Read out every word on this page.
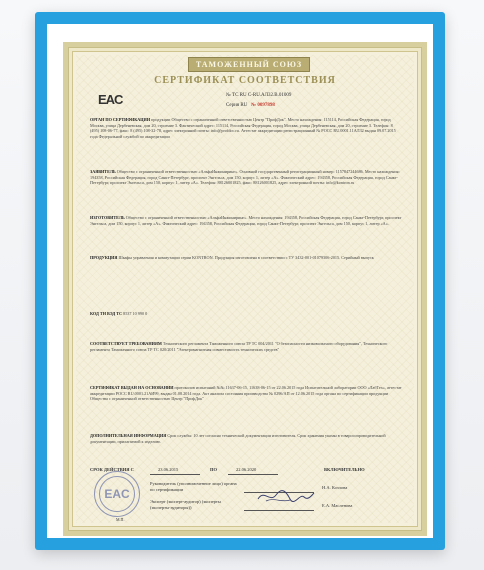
ТАМОЖЕННЫЙ СОЮЗ
СЕРТИФИКАТ СООТВЕТСТВИЯ
EAC	№ ТС RU С-RU.АЛ32.В.01009
Серия RU № 0097898
ОРГАН ПО СЕРТИФИКАЦИИ продукции Общество с ограниченной ответственностью Центр "ПрофДок". Место нахождения: 115114, Российская Федерация, город Москва, улица Дербеневская, дом 20, строение 3. Фактический адрес: 115114, Российская Федерация, город Москва, улица Дербеневская, дом 20, строение 3. Телефон: 8 (495) 108-06-77, факс: 8 (495) 108-32-78, адрес электронной почты: info@profdoc.ru. Аттестат аккредитации регистрационный № РОСС RU.0001.11АЛ32 выдан 09.07.2015 года Федеральной службой по аккредитации
ЗАЯВИТЕЛЬ Общество с ограниченной ответственностью «АльфаИнжиниринг». Основной государственный регистрационный номер: 1157847244686. Место нахождения: 194358, Российская Федерация, город Санкт-Петербург, проспект Энгельса, дом 150, корпус 1, литер «А». Фактический адрес: 194358, Российская Федерация, город Санкт-Петербург, проспект Энгельса, дом 150, корпус 1, литер «А». Телефон: 88126001825, факс: 88126001825, адрес электронной почты: info@kontron.ru
ИЗГОТОВИТЕЛЬ Общество с ограниченной ответственностью «АльфаИнжиниринг». Место нахождения: 194358, Российская Федерация, город Санкт-Петербург, проспект Энгельса, дом 150, корпус 1, литер «А». Фактический адрес: 194358, Российская Федерация, город Санкт-Петербург, проспект Энгельса, дом 150, корпус 1, литер «А».
ПРОДУКЦИЯ Шкафы управления и коммутации серии KONTRON. Продукция изготовлена в соответствии с ТУ 3432-001-01079306-2015. Серийный выпуск
КОД ТН ВЭД ТС 8537 10 990 0
СООТВЕТСТВУЕТ ТРЕБОВАНИЯМ Технического регламента Таможенного союза ТР ТС 004/2011 "О безопасности низковольтного оборудования", Технического регламента Таможенного союза ТР ТС 020/2011 "Электромагнитная совместимость технических средств"
СЕРТИФИКАТ ВЫДАН НА ОСНОВАНИИ протоколов испытаний №№ 11637-06-15, 11638-06-15 от 22.06.2015 года Испытательной лаборатории ООО «ЛабТех», аттестат аккредитации РОСС RU.0001.21АИ99, выдан 01.08.2014 года. Акт анализа состояния производства № 0296/АП от 12.06.2015 года органа по сертификации продукции Общества с ограниченной ответственностью Центр "ПрофДок"
ДОПОЛНИТЕЛЬНАЯ ИНФОРМАЦИЯ Срок службы: 10 лет согласно технической документации изготовителя. Срок хранения указан в товаросопроводительной документации, прилагаемой к изделию.
СРОК ДЕЙСТВИЯ С	23.06.2015	ПО	22.06.2020	ВКЛЮЧИТЕЛЬНО
EAC
Руководитель (уполномоченное лицо) органа по сертификации	Н.А. Козлова
Эксперт (эксперт-аудитор) (эксперты (эксперты-аудиторы))	Е.А. Масленова
М.П.
